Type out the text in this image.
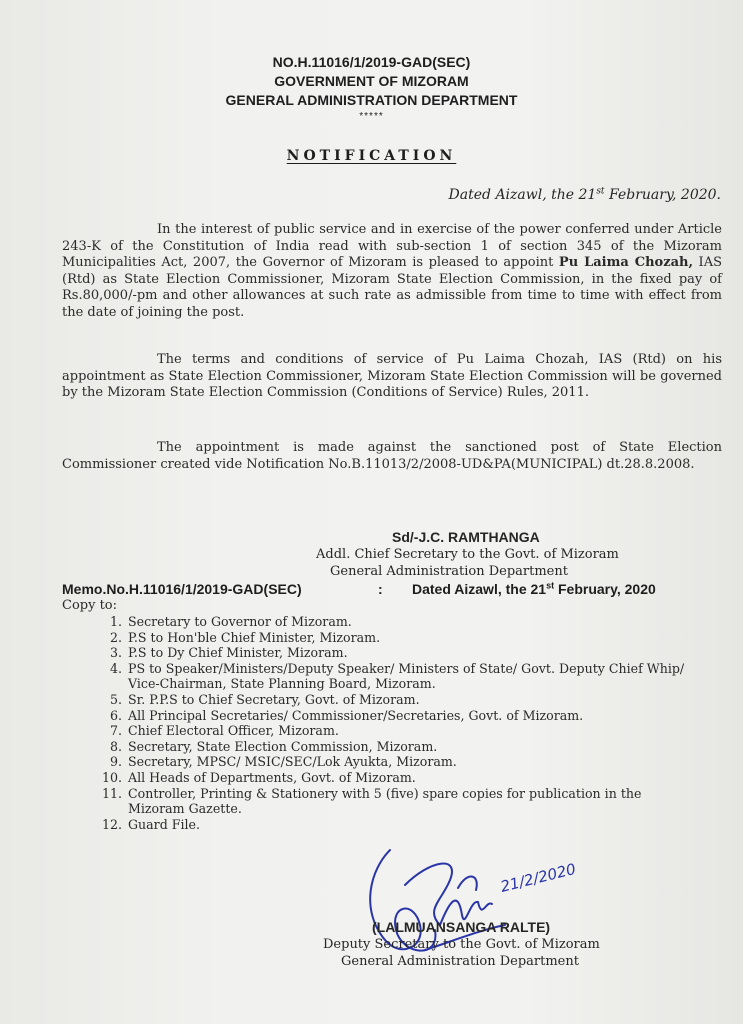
NO.H.11016/1/2019-GAD(SEC)
GOVERNMENT OF MIZORAM
GENERAL ADMINISTRATION DEPARTMENT
*****
NOTIFICATION
Dated Aizawl, the 21st February, 2020.
In the interest of public service and in exercise of the power conferred under Article 243-K of the Constitution of India read with sub-section 1 of section 345 of the Mizoram Municipalities Act, 2007, the Governor of Mizoram is pleased to appoint Pu Laima Chozah, IAS (Rtd) as State Election Commissioner, Mizoram State Election Commission, in the fixed pay of Rs.80,000/-pm and other allowances at such rate as admissible from time to time with effect from the date of joining the post.
The terms and conditions of service of Pu Laima Chozah, IAS (Rtd) on his appointment as State Election Commissioner, Mizoram State Election Commission will be governed by the Mizoram State Election Commission (Conditions of Service) Rules, 2011.
The appointment is made against the sanctioned post of State Election Commissioner created vide Notification No.B.11013/2/2008-UD&PA(MUNICIPAL) dt.28.8.2008.
Sd/-J.C. RAMTHANGA
Addl. Chief Secretary to the Govt. of Mizoram
General Administration Department
Memo.No.H.11016/1/2019-GAD(SEC)	: Dated Aizawl, the 21st February, 2020
Copy to:
1. Secretary to Governor of Mizoram.
2. P.S to Hon'ble Chief Minister, Mizoram.
3. P.S to Dy Chief Minister, Mizoram.
4. PS to Speaker/Ministers/Deputy Speaker/ Ministers of State/ Govt. Deputy Chief Whip/ Vice-Chairman, State Planning Board, Mizoram.
5. Sr. P.P.S to Chief Secretary, Govt. of Mizoram.
6. All Principal Secretaries/ Commissioner/Secretaries, Govt. of Mizoram.
7. Chief Electoral Officer, Mizoram.
8. Secretary, State Election Commission, Mizoram.
9. Secretary, MPSC/ MSIC/SEC/Lok Ayukta, Mizoram.
10. All Heads of Departments, Govt. of Mizoram.
11. Controller, Printing & Stationery with 5 (five) spare copies for publication in the Mizoram Gazette.
12. Guard File.
21/2/2020
(LALMUANSANGA RALTE)
Deputy Secretary to the Govt. of Mizoram
General Administration Department
